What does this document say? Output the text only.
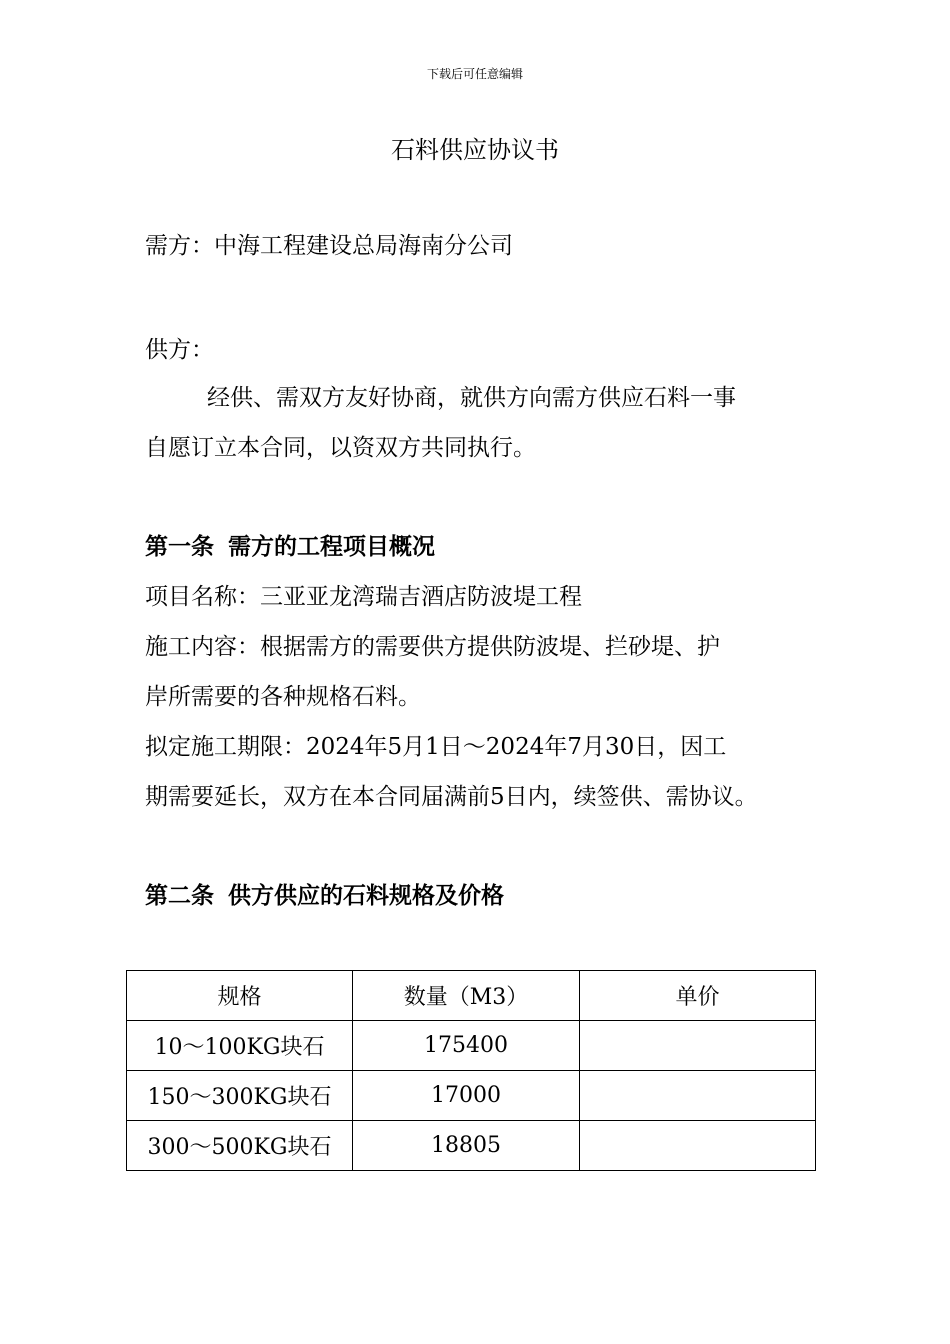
下载后可任意编辑
石料供应协议书
需方：中海工程建设总局海南分公司
供方：
经供、需双方友好协商，就供方向需方供应石料一事
自愿订立本合同，以资双方共同执行。
第一条 需方的工程项目概况
项目名称：三亚亚龙湾瑞吉酒店防波堤工程
施工内容：根据需方的需要供方提供防波堤、拦砂堤、护
岸所需要的各种规格石料。
拟定施工期限：2024年5月1日～2024年7月30日，因工
期需要延长，双方在本合同届满前5日内，续签供、需协议。
第二条 供方供应的石料规格及价格
规格	数量（M3）	单价
10～100KG块石	175400	
150～300KG块石	17000	
300～500KG块石	18805	
